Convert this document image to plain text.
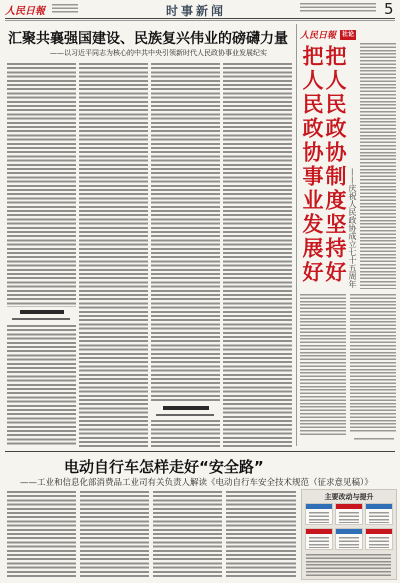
人民日報	时事新闻	5
汇聚共襄强国建设、民族复兴伟业的磅礴力量
——以习近平同志为核心的中共中央引领新时代人民政协事业发展纪实
人民日報 社论
把人民政协制度坚持好
把人民政协事业发展好	——庆祝人民政协成立七十五周年
电动自行车怎样走好“安全路”
——工业和信息化部消费品工业司有关负责人解读《电动自行车安全技术规范（征求意见稿）》
主要改动与提升
